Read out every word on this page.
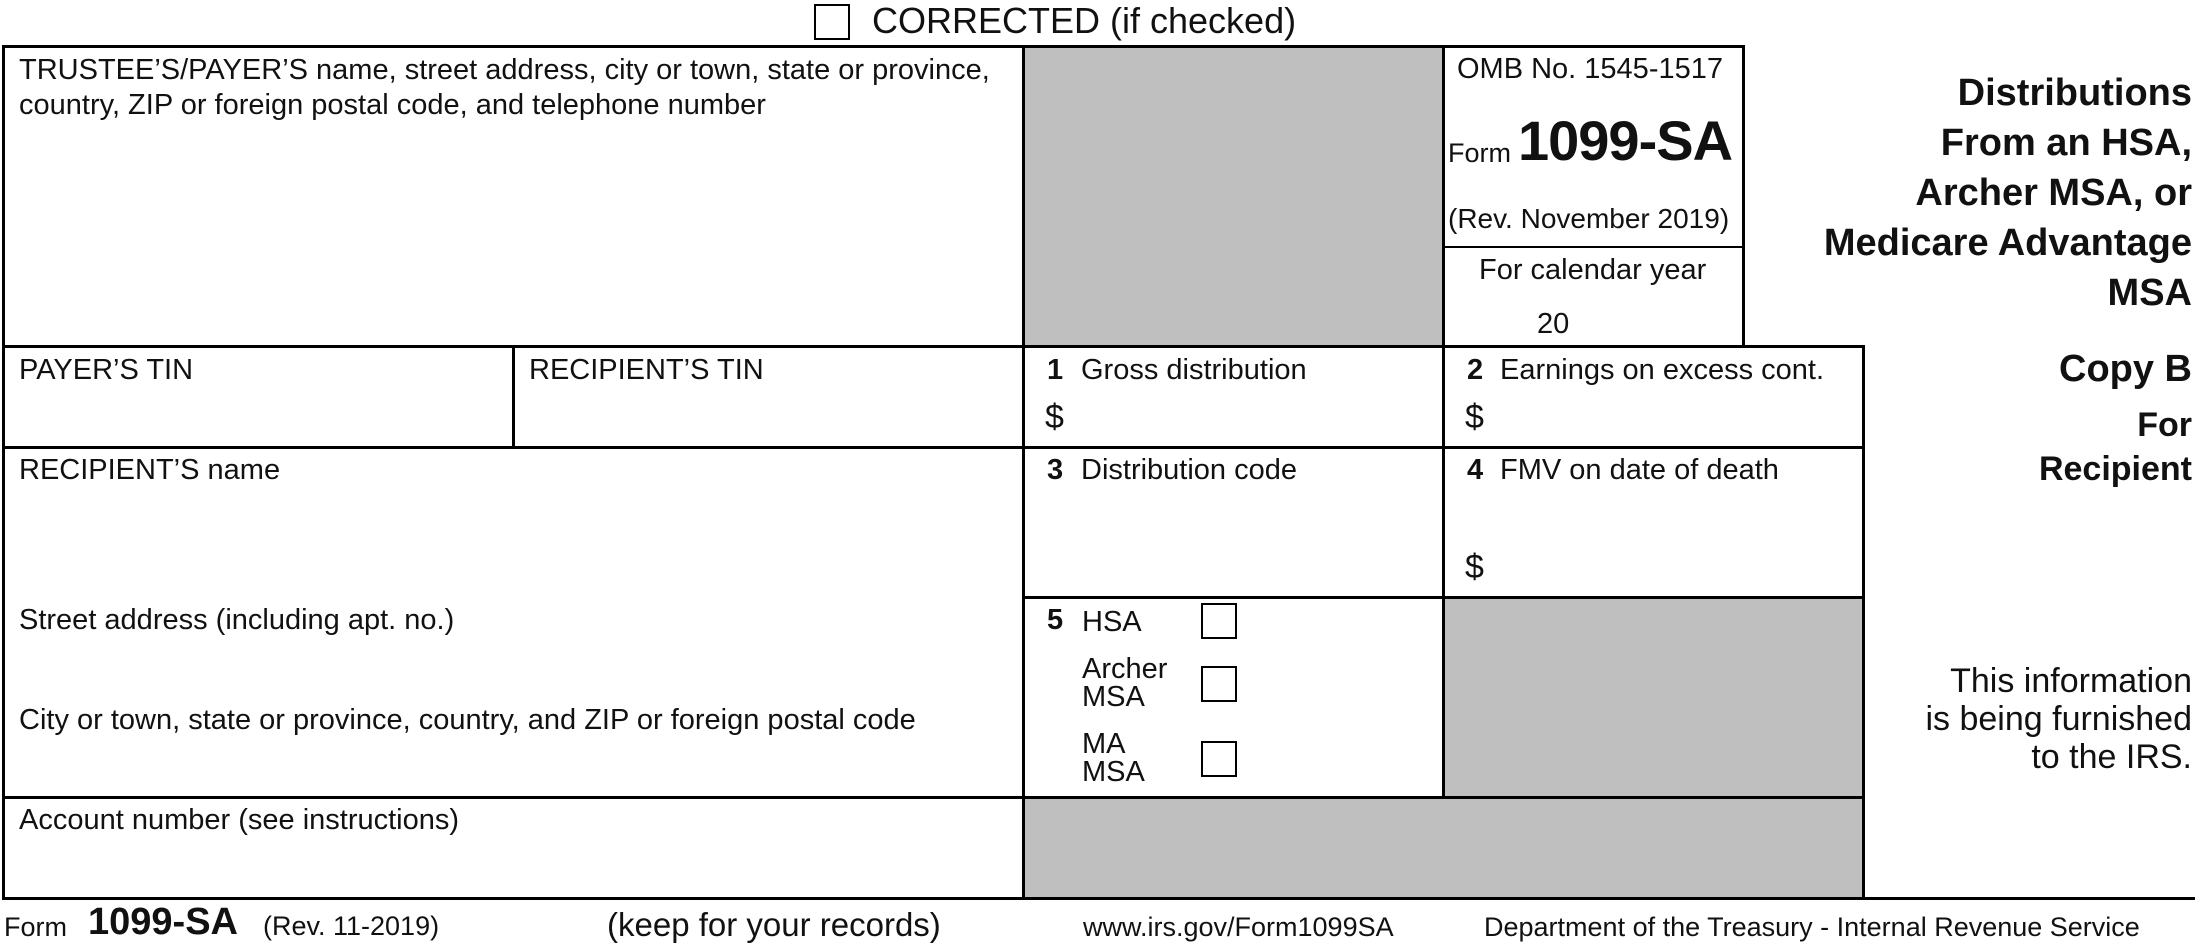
CORRECTED (if checked)
TRUSTEE’S/PAYER’S name, street address, city or town, state or province,
country, ZIP or foreign postal code, and telephone number
OMB No. 1545-1517
Form 1099-SA
(Rev. November 2019)
For calendar year
20
Distributions
From an HSA,
Archer MSA, or
Medicare Advantage
MSA
Copy B
For
Recipient
This information
is being furnished
to the IRS.
PAYER’S TIN	RECIPIENT’S TIN	1 Gross distribution
$
2 Earnings on excess cont.
$
RECIPIENT’S name	3 Distribution code	4 FMV on date of death
$
Street address (including apt. no.)
City or town, state or province, country, and ZIP or foreign postal code
5 HSA
Archer
MSA
MA
MSA
Account number (see instructions)
Form 1099-SA (Rev. 11-2019)	(keep for your records)	www.irs.gov/Form1099SA	Department of the Treasury - Internal Revenue Service
